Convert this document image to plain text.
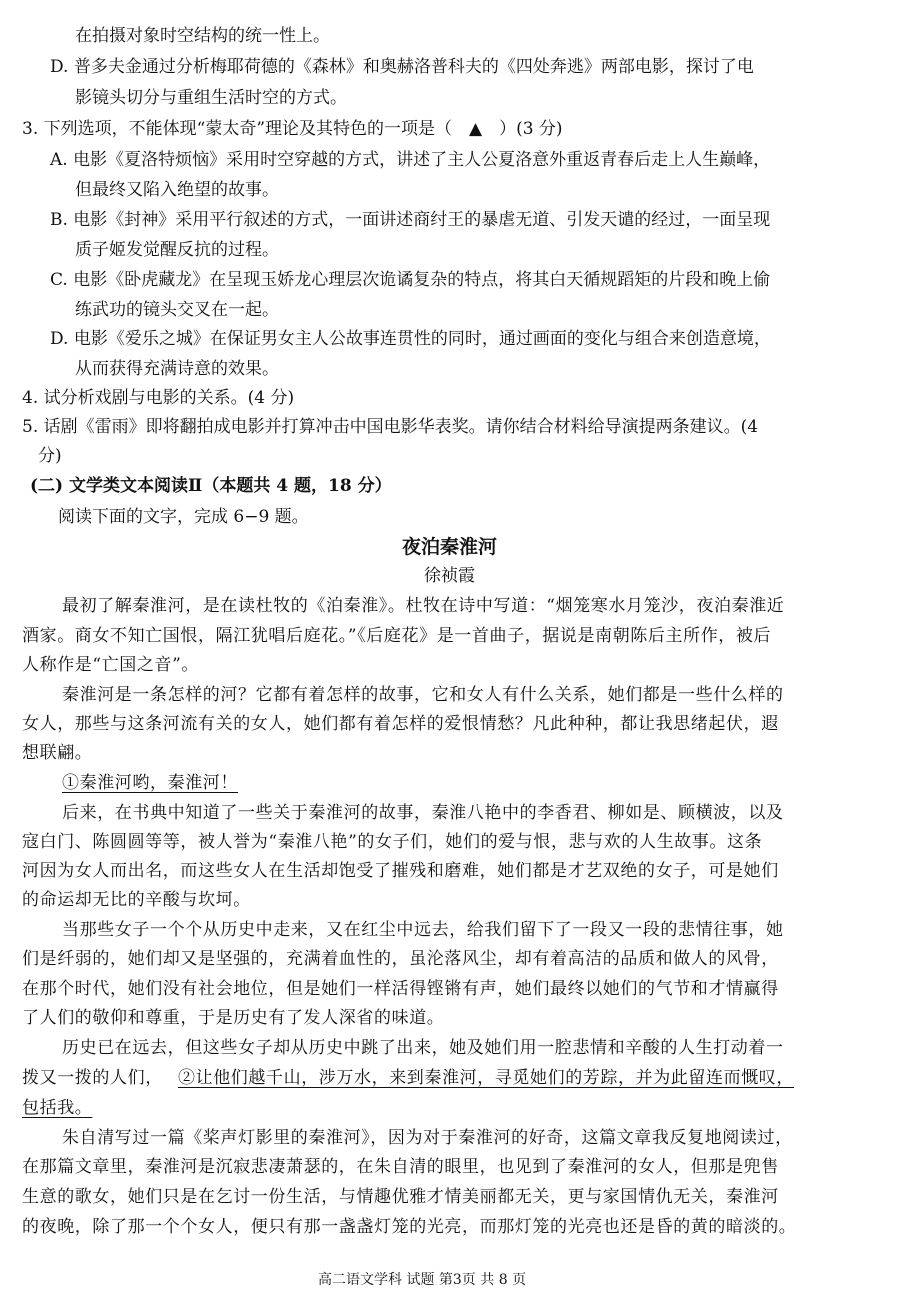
在拍摄对象时空结构的统一性上。
D. 普多夫金通过分析梅耶荷德的《森林》和奥赫洛普科夫的《四处奔逃》两部电影，探讨了电
影镜头切分与重组生活时空的方式。
3. 下列选项，不能体现“蒙太奇”理论及其特色的一项是（　▲　）(3 分)
A. 电影《夏洛特烦恼》采用时空穿越的方式，讲述了主人公夏洛意外重返青春后走上人生巅峰，
但最终又陷入绝望的故事。
B. 电影《封神》采用平行叙述的方式，一面讲述商纣王的暴虐无道、引发天谴的经过，一面呈现
质子姬发觉醒反抗的过程。
C. 电影《卧虎藏龙》在呈现玉娇龙心理层次诡谲复杂的特点，将其白天循规蹈矩的片段和晚上偷
练武功的镜头交叉在一起。
D. 电影《爱乐之城》在保证男女主人公故事连贯性的同时，通过画面的变化与组合来创造意境，
从而获得充满诗意的效果。
4. 试分析戏剧与电影的关系。(4 分)
5. 话剧《雷雨》即将翻拍成电影并打算冲击中国电影华表奖。请你结合材料给导演提两条建议。(4
分)
(二) 文学类文本阅读Ⅱ（本题共 4 题，18 分）
阅读下面的文字，完成 6−9 题。
夜泊秦淮河
徐祯霞
最初了解秦淮河，是在读杜牧的《泊秦淮》。杜牧在诗中写道：“烟笼寒水月笼沙，夜泊秦淮近
酒家。商女不知亡国恨，隔江犹唱后庭花。”《后庭花》是一首曲子，据说是南朝陈后主所作，被后
人称作是“亡国之音”。
秦淮河是一条怎样的河？它都有着怎样的故事，它和女人有什么关系，她们都是一些什么样的
女人，那些与这条河流有关的女人，她们都有着怎样的爱恨情愁？凡此种种，都让我思绪起伏，遐
想联翩。
①秦淮河哟，秦淮河！
后来，在书典中知道了一些关于秦淮河的故事，秦淮八艳中的李香君、柳如是、顾横波，以及
寇白门、陈圆圆等等，被人誉为“秦淮八艳”的女子们，她们的爱与恨，悲与欢的人生故事。这条
河因为女人而出名，而这些女人在生活却饱受了摧残和磨难，她们都是才艺双绝的女子，可是她们
的命运却无比的辛酸与坎坷。
当那些女子一个个从历史中走来，又在红尘中远去，给我们留下了一段又一段的悲情往事，她
们是纤弱的，她们却又是坚强的，充满着血性的，虽沦落风尘，却有着高洁的品质和做人的风骨，
在那个时代，她们没有社会地位，但是她们一样活得铿锵有声，她们最终以她们的气节和才情赢得
了人们的敬仰和尊重，于是历史有了发人深省的味道。
历史已在远去，但这些女子却从历史中跳了出来，她及她们用一腔悲情和辛酸的人生打动着一
拨又一拨的人们， ②让他们越千山，涉万水，来到秦淮河，寻觅她们的芳踪，并为此留连而慨叹，
包括我。
朱自清写过一篇《桨声灯影里的秦淮河》，因为对于秦淮河的好奇，这篇文章我反复地阅读过，
在那篇文章里，秦淮河是沉寂悲凄萧瑟的，在朱自清的眼里，也见到了秦淮河的女人，但那是兜售
生意的歌女，她们只是在乞讨一份生活，与情趣优雅才情美丽都无关，更与家国情仇无关，秦淮河
的夜晚，除了那一个个女人，便只有那一盏盏灯笼的光亮，而那灯笼的光亮也还是昏的黄的暗淡的。
高二语文学科 试题 第3页 共 8 页
